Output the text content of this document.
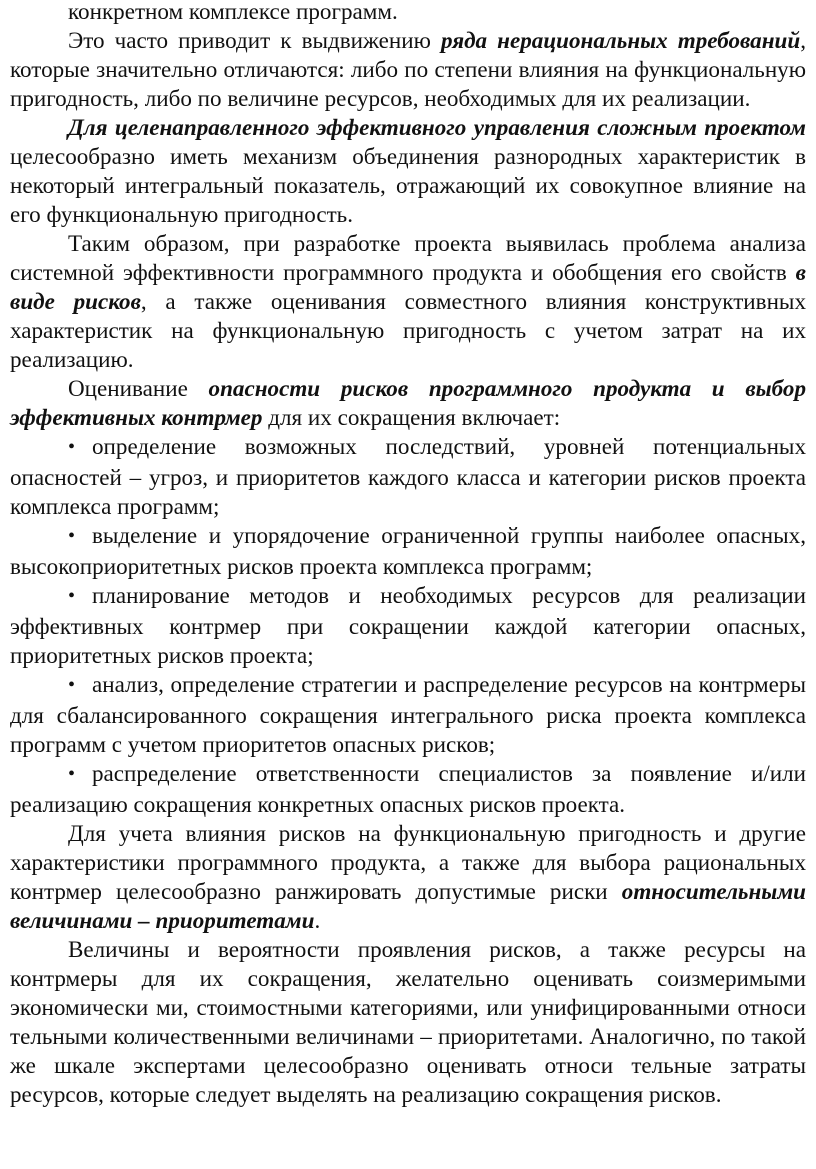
конкретном комплексе программ.

Это часто приводит к выдвижению ряда нерациональных требований, которые значительно отличаются: либо по степени влияния на функциональную пригодность, либо по величине ресурсов, необходимых для их реализации.

Для целенаправленного эффективного управления сложным проектом целесообразно иметь механизм объединения разнородных характеристик в некоторый интегральный показатель, отражающий их совокупное влияние на его функциональную пригодность.

Таким образом, при разработке проекта выявилась проблема анализа системной эффективности программного продукта и обобщения его свойств в виде рисков, а также оценивания совместного влияния конструктивных характеристик на функциональную пригодность с учетом затрат на их реализацию.

Оценивание опасности рисков программного продукта и выбор эффективных контрмер для их сокращения включает:

• определение возможных последствий, уровней потенциальных опасностей – угроз, и приоритетов каждого класса и категории рисков проекта комплекса программ;

• выделение и упорядочение ограниченной группы наиболее опасных, высокоприоритетных рисков проекта комплекса программ;

• планирование методов и необходимых ресурсов для реализации эффективных контрмер при сокращении каждой категории опасных, приоритетных рисков проекта;

• анализ, определение стратегии и распределение ресурсов на контрмеры для сбалансированного сокращения интегрального риска проекта комплекса программ с учетом приоритетов опасных рисков;

• распределение ответственности специалистов за появление и/или реализацию сокращения конкретных опасных рисков проекта.

Для учета влияния рисков на функциональную пригодность и другие характеристики программного продукта, а также для выбора рациональных контрмер целесообразно ранжировать допустимые риски относительными величинами – приоритетами.

Величины и вероятности проявления рисков, а также ресурсы на контрмеры для их сокращения, желательно оценивать соизмеримыми экономически ми, стоимостными категориями, или унифицированными относи тельными количественными величинами – приоритетами. Аналогично, по такой же шкале экспертами целесообразно оценивать относи тельные затраты ресурсов, которые следует выделять на реализацию сокращения рисков.
